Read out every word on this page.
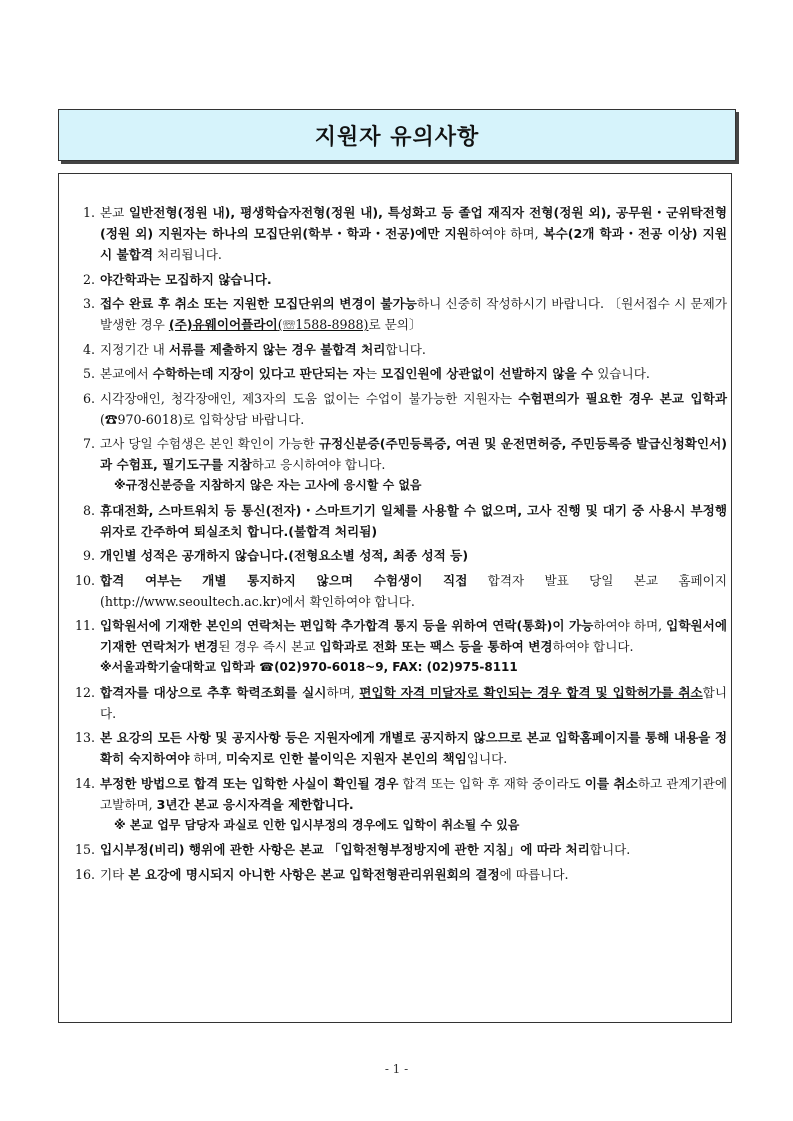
지원자 유의사항
1. 본교 일반전형(정원 내), 평생학습자전형(정원 내), 특성화고 등 졸업 재직자 전형(정원 외), 공무원・군위탁전형(정원 외) 지원자는 하나의 모집단위(학부・학과・전공)에만 지원하여야 하며, 복수(2개 학과・전공 이상) 지원 시 불합격 처리됩니다.
2. 야간학과는 모집하지 않습니다.
3. 접수 완료 후 취소 또는 지원한 모집단위의 변경이 불가능하니 신중히 작성하시기 바랍니다. 〔원서접수 시 문제가 발생한 경우 (주)유웨이어플라이(☏1588-8988)로 문의〕
4. 지정기간 내 서류를 제출하지 않는 경우 불합격 처리합니다.
5. 본교에서 수학하는데 지장이 있다고 판단되는 자는 모집인원에 상관없이 선발하지 않을 수 있습니다.
6. 시각장애인, 청각장애인, 제3자의 도움 없이는 수업이 불가능한 지원자는 수험편의가 필요한 경우 본교 입학과(☎970-6018)로 입학상담 바랍니다.
7. 고사 당일 수험생은 본인 확인이 가능한 규정신분증(주민등록증, 여권 및 운전면허증, 주민등록증 발급신청확인서)과 수험표, 필기도구를 지참하고 응시하여야 합니다.
※규정신분증을 지참하지 않은 자는 고사에 응시할 수 없음
8. 휴대전화, 스마트워치 등 통신(전자)・스마트기기 일체를 사용할 수 없으며, 고사 진행 및 대기 중 사용시 부정행위자로 간주하여 퇴실조치 합니다.(불합격 처리됨)
9. 개인별 성적은 공개하지 않습니다.(전형요소별 성적, 최종 성적 등)
10. 합격 여부는 개별 통지하지 않으며 수험생이 직접 합격자 발표 당일 본교 홈페이지(http://www.seoultech.ac.kr)에서 확인하여야 합니다.
11. 입학원서에 기재한 본인의 연락처는 편입학 추가합격 통지 등을 위하여 연락(통화)이 가능하여야 하며, 입학원서에 기재한 연락처가 변경된 경우 즉시 본교 입학과로 전화 또는 팩스 등을 통하여 변경하여야 합니다.
※서울과학기술대학교 입학과 ☎(02)970-6018~9, FAX: (02)975-8111
12. 합격자를 대상으로 추후 학력조회를 실시하며, 편입학 자격 미달자로 확인되는 경우 합격 및 입학허가를 취소합니다.
13. 본 요강의 모든 사항 및 공지사항 등은 지원자에게 개별로 공지하지 않으므로 본교 입학홈페이지를 통해 내용을 정확히 숙지하여야 하며, 미숙지로 인한 불이익은 지원자 본인의 책임입니다.
14. 부정한 방법으로 합격 또는 입학한 사실이 확인될 경우 합격 또는 입학 후 재학 중이라도 이를 취소하고 관계기관에 고발하며, 3년간 본교 응시자격을 제한합니다.
※ 본교 업무 담당자 과실로 인한 입시부정의 경우에도 입학이 취소될 수 있음
15. 입시부정(비리) 행위에 관한 사항은 본교 「입학전형부정방지에 관한 지침」에 따라 처리합니다.
16. 기타 본 요강에 명시되지 아니한 사항은 본교 입학전형관리위원회의 결정에 따릅니다.
- 1 -
